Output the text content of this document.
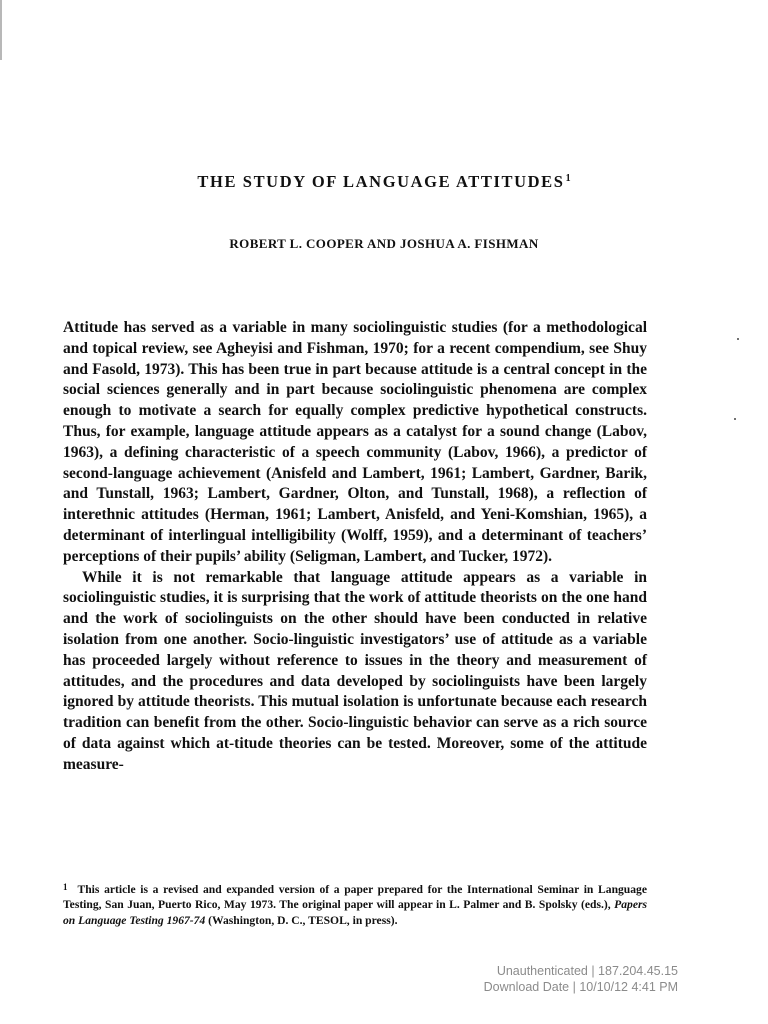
THE STUDY OF LANGUAGE ATTITUDES$^1$
ROBERT L. COOPER AND JOSHUA A. FISHMAN

Attitude has served as a variable in many sociolinguistic studies (for a methodological and topical review, see Agheyisi and Fishman, 1970; for a recent compendium, see Shuy and Fasold, 1973). This has been true in part because attitude is a central concept in the social sciences generally and in part because sociolinguistic phenomena are complex enough to motivate a search for equally complex predictive hypothetical constructs. Thus, for example, language attitude appears as a catalyst for a sound change (Labov, 1963), a defining characteristic of a speech community (Labov, 1966), a predictor of second-language achievement (Anisfeld and Lambert, 1961; Lambert, Gardner, Barik, and Tunstall, 1963; Lambert, Gardner, Olton, and Tunstall, 1968), a reflection of interethnic attitudes (Herman, 1961; Lambert, Anisfeld, and Yeni-Komshian, 1965), a determinant of interlingual intelligibility (Wolff, 1959), and a determinant of teachers’ perceptions of their pupils’ ability (Seligman, Lambert, and Tucker, 1972).

While it is not remarkable that language attitude appears as a variable in sociolinguistic studies, it is surprising that the work of attitude theorists on the one hand and the work of sociolinguists on the other should have been conducted in relative isolation from one another. Socio-linguistic investigators’ use of attitude as a variable has proceeded largely without reference to issues in the theory and measurement of attitudes, and the procedures and data developed by sociolinguists have been largely ignored by attitude theorists. This mutual isolation is unfortunate because each research tradition can benefit from the other. Socio-linguistic behavior can serve as a rich source of data against which at-titude theories can be tested. Moreover, some of the attitude measure-

$^1$ This article is a revised and expanded version of a paper prepared for the International Seminar in Language Testing, San Juan, Puerto Rico, May 1973. The original paper will appear in L. Palmer and B. Spolsky (eds.), Papers on Language Testing 1967-74 (Washington, D. C., TESOL, in press).
Unauthenticated | 187.204.45.15
Download Date | 10/10/12 4:41 PM
